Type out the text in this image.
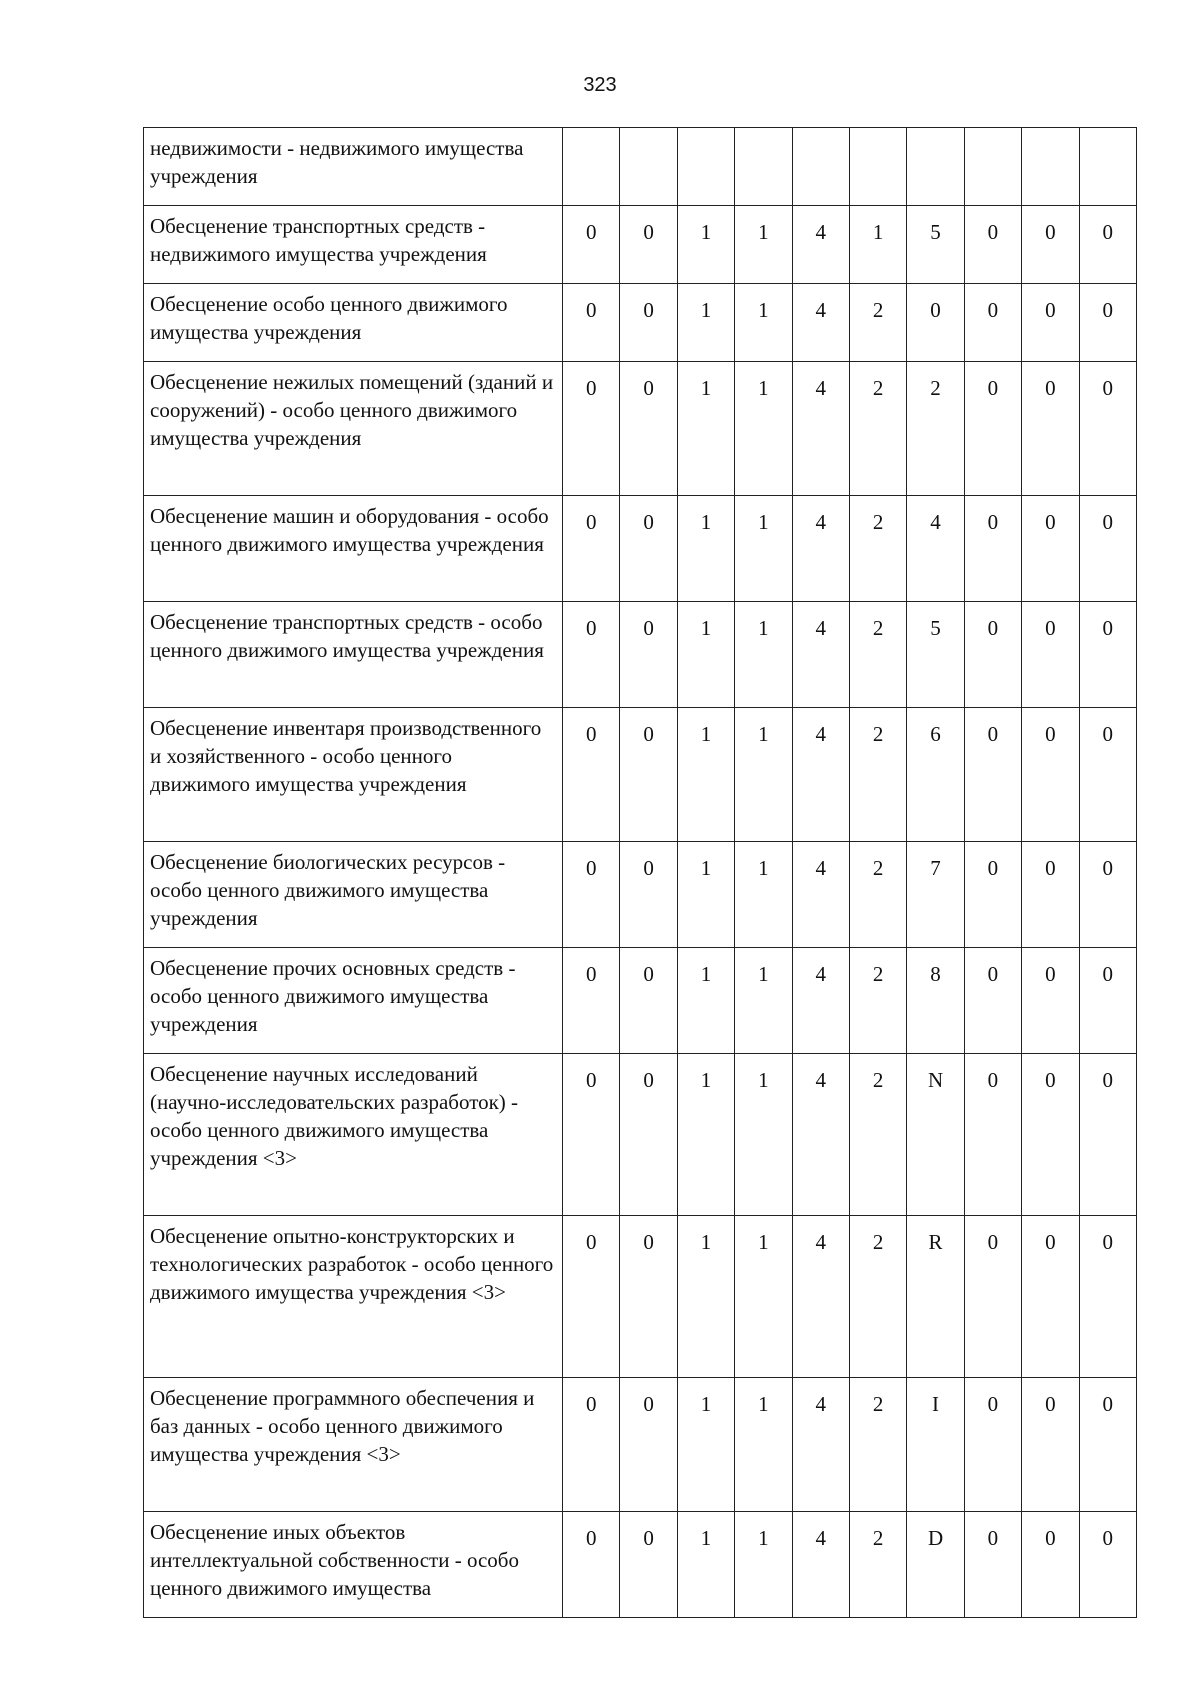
323
недвижимости - недвижимого имущества учреждения										
Обесценение транспортных средств - недвижимого имущества учреждения	0	0	1	1	4	1	5	0	0	0
Обесценение особо ценного движимого имущества учреждения	0	0	1	1	4	2	0	0	0	0
Обесценение нежилых помещений (зданий и сооружений) - особо ценного движимого имущества учреждения	0	0	1	1	4	2	2	0	0	0
Обесценение машин и оборудования - особо ценного движимого имущества учреждения	0	0	1	1	4	2	4	0	0	0
Обесценение транспортных средств - особо ценного движимого имущества учреждения	0	0	1	1	4	2	5	0	0	0
Обесценение инвентаря производственного и хозяйственного - особо ценного движимого имущества учреждения	0	0	1	1	4	2	6	0	0	0
Обесценение биологических ресурсов - особо ценного движимого имущества учреждения	0	0	1	1	4	2	7	0	0	0
Обесценение прочих основных средств - особо ценного движимого имущества учреждения	0	0	1	1	4	2	8	0	0	0
Обесценение научных исследований (научно-исследовательских разработок) - особо ценного движимого имущества учреждения <3>	0	0	1	1	4	2	N	0	0	0
Обесценение опытно-конструкторских и технологических разработок - особо ценного движимого имущества учреждения <3>	0	0	1	1	4	2	R	0	0	0
Обесценение программного обеспечения и баз данных - особо ценного движимого имущества учреждения <3>	0	0	1	1	4	2	I	0	0	0
Обесценение иных объектов интеллектуальной собственности - особо ценного движимого имущества	0	0	1	1	4	2	D	0	0	0
